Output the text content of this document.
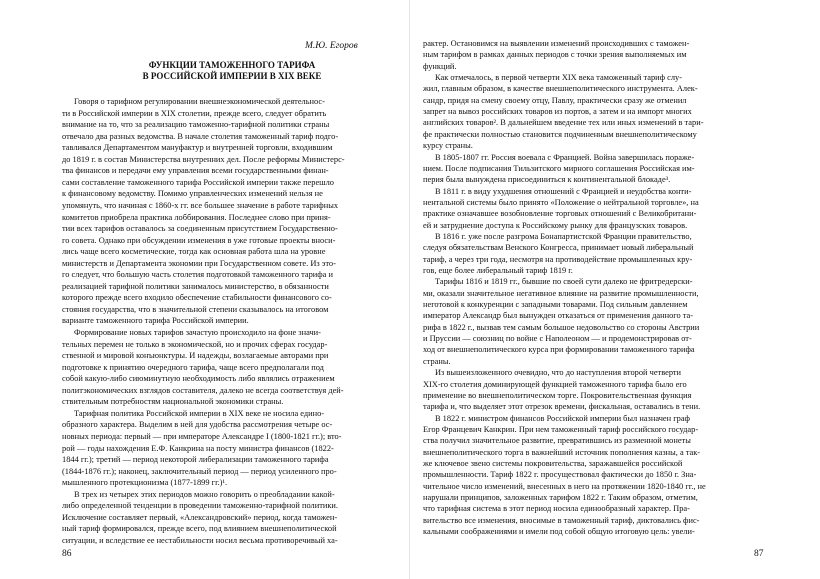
М.Ю. Егоров
ФУНКЦИИ ТАМОЖЕННОГО ТАРИФА
В РОССИЙСКОЙ ИМПЕРИИ В XIX ВЕКЕ
Говоря о тарифном регулировании внешнеэкономической деятельнос-
ти в Российской империи в XIX столетии, прежде всего, следует обратить
внимание на то, что за реализацию таможенно-тарифной политики страны
отвечало два разных ведомства. В начале столетия таможенный тариф подго-
тавливался Департаментом мануфактур и внутренней торговли, входившим
до 1819 г. в состав Министерства внутренних дел. После реформы Министерс-
тва финансов и передачи ему управления всеми государственными финан-
сами составление таможенного тарифа Российской империи также перешло
к финансовому ведомству. Помимо управленческих изменений нельзя не
упомянуть, что начиная с 1860-х гг. все большее значение в работе тарифных
комитетов приобрела практика лоббирования. Последнее слово при приня-
тии всех тарифов оставалось за соединенным присутствием Государственно-
го совета. Однако при обсуждении изменения в уже готовые проекты вноси-
лись чаще всего косметические, тогда как основная работа шла на уровне
министерств и Департамента экономии при Государственном совете. Из это-
го следует, что большую часть столетия подготовкой таможенного тарифа и
реализацией тарифной политики занималось министерство, в обязанности
которого прежде всего входило обеспечение стабильности финансового со-
стояния государства, что в значительной степени сказывалось на итоговом
варианте таможенного тарифа Российской империи.
Формирование новых тарифов зачастую происходило на фоне значи-
тельных перемен не только в экономической, но и прочих сферах государ-
ственной и мировой конъюнктуры. И надежды, возлагаемые авторами при
подготовке к принятию очередного тарифа, чаще всего предполагали под
собой какую-либо сиюминутную необходимость либо являлись отражением
политэкономических взглядов составителя, далеко не всегда соответствуя дей-
ствительным потребностям национальной экономики страны.
Тарифная политика Российской империи в XIX веке не носила едино-
образного характера. Выделим в ней для удобства рассмотрения четыре ос-
новных периода: первый — при императоре Александре I (1800-1821 гг.); вто-
рой — годы нахождения Е.Ф. Канкрина на посту министра финансов (1822-
1844 гг.); третий — период некоторой либерализации таможенного тарифа
(1844-1876 гг.); наконец, заключительный период — период усиленного про-
мышленного протекционизма (1877-1899 гг.)¹.
В трех из четырех этих периодов можно говорить о преобладании какой-
либо определенной тенденции в проведении таможенно-тарифной политики.
Исключение составляет первый, «Александровский» период, когда таможен-
ный тариф формировался, прежде всего, под влиянием внешнеполитической
ситуации, и вследствие ее нестабильности носил весьма противоречивый ха-
86
рактер. Остановимся на выявлении изменений происходивших с таможен-
ным тарифом в рамках данных периодов с точки зрения выполняемых им
функций.
Как отмечалось, в первой четверти XIX века таможенный тариф слу-
жил, главным образом, в качестве внешнеполитического инструмента. Алек-
сандр, придя на смену своему отцу, Павлу, практически сразу же отменил
запрет на вывоз российских товаров из портов, а затем и на импорт многих
английских товаров². В дальнейшем введение тех или иных изменений в тари-
фе практически полностью становится подчиненным внешнеполитическому
курсу страны.
В 1805-1807 гг. Россия воевала с Францией. Война завершилась пораже-
нием. После подписания Тильзитского мирного соглашения Российская им-
перия была вынуждена присоединиться к континентальной блокаде³.
В 1811 г. в виду ухудшения отношений с Францией и неудобства конти-
нентальной системы было принято «Положение о нейтральной торговле», на
практике означавшее возобновление торговых отношений с Великобритани-
ей и затруднение доступа к Российскому рынку для французских товаров.
В 1816 г. уже после разгрома Бонапартистской Франции правительство,
следуя обязательствам Венского Конгресса, принимает новый либеральный
тариф, а через три года, несмотря на противодействие промышленных кру-
гов, еще более либеральный тариф 1819 г.
Тарифы 1816 и 1819 гг., бывшие по своей сути далеко не фритредерски-
ми, оказали значительное негативное влияние на развитие промышленности,
неготовой к конкуренции с западными товарами. Под сильным давлением
император Александр был вынужден отказаться от применения данного та-
рифа в 1822 г., вызвав тем самым большое недовольство со стороны Австрии
и Пруссии — союзниц по войне с Наполеоном — и продемонстрировав от-
ход от внешнеполитического курса при формировании таможенного тарифа
страны.
Из вышеизложенного очевидно, что до наступления второй четверти
XIX-го столетия доминирующей функцией таможенного тарифа было его
применение во внешнеполитическом торге. Покровительственная функция
тарифа и, что выделяет этот отрезок времени, фискальная, оставались в тени.
В 1822 г. министром финансов Российской империи был назначен граф
Егор Францевич Канкрин. При нем таможенный тариф российского государ-
ства получил значительное развитие, превратившись из разменной монеты
внешнеполитического торга в важнейший источник пополнения казны, а так-
же ключевое звено системы покровительства, заражавшейся российской
промышленности. Тариф 1822 г. просуществовал фактически до 1850 г. Зна-
чительное число изменений, внесенных в него на протяжении 1820-1840 гг., не
нарушали принципов, заложенных тарифом 1822 г. Таким образом, отметим,
что тарифная система в этот период носила единообразный характер. Пра-
вительство все изменения, вносимые в таможенный тариф, диктовались фис-
кальными соображениями и имели под собой общую итоговую цель: увели-
87
